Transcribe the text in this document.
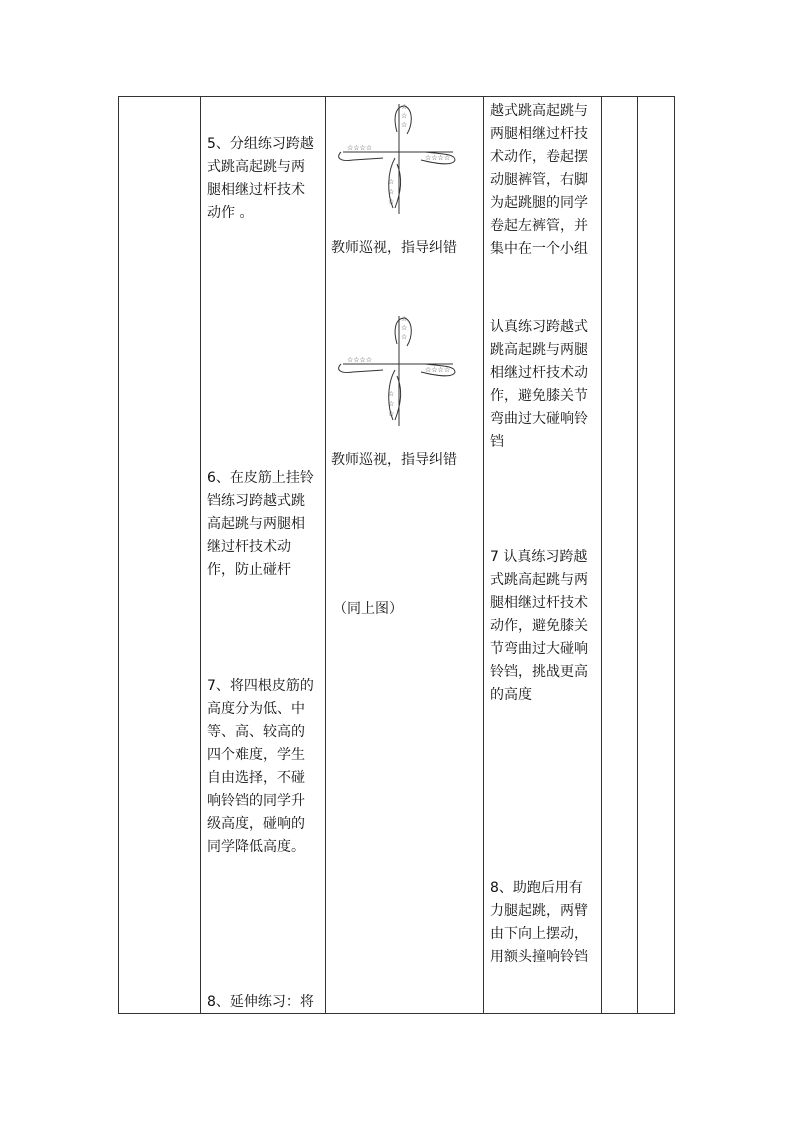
5、分组练习跨越
式跳高起跳与两
腿相继过杆技术
动作 。
6、在皮筋上挂铃
铛练习跨越式跳
高起跳与两腿相
继过杆技术动
作，防止碰杆
7、将四根皮筋的
高度分为低、中
等、高、较高的
四个难度，学生
自由选择，不碰
响铃铛的同学升
级高度，碰响的
同学降低高度。
8、延伸练习：将
☆
☆
☆
☆
☆
☆
☆☆☆☆
☆☆☆☆
教师巡视，指导纠错
☆
☆
☆
☆
☆
☆
☆☆☆☆
☆☆☆☆
教师巡视，指导纠错
（同上图）
越式跳高起跳与
两腿相继过杆技
术动作，卷起摆
动腿裤管，右脚
为起跳腿的同学
卷起左裤管，并
集中在一个小组
认真练习跨越式
跳高起跳与两腿
相继过杆技术动
作，避免膝关节
弯曲过大碰响铃
铛
7 认真练习跨越
式跳高起跳与两
腿相继过杆技术
动作，避免膝关
节弯曲过大碰响
铃铛，挑战更高
的高度
8、助跑后用有
力腿起跳，两臂
由下向上摆动，
用额头撞响铃铛
